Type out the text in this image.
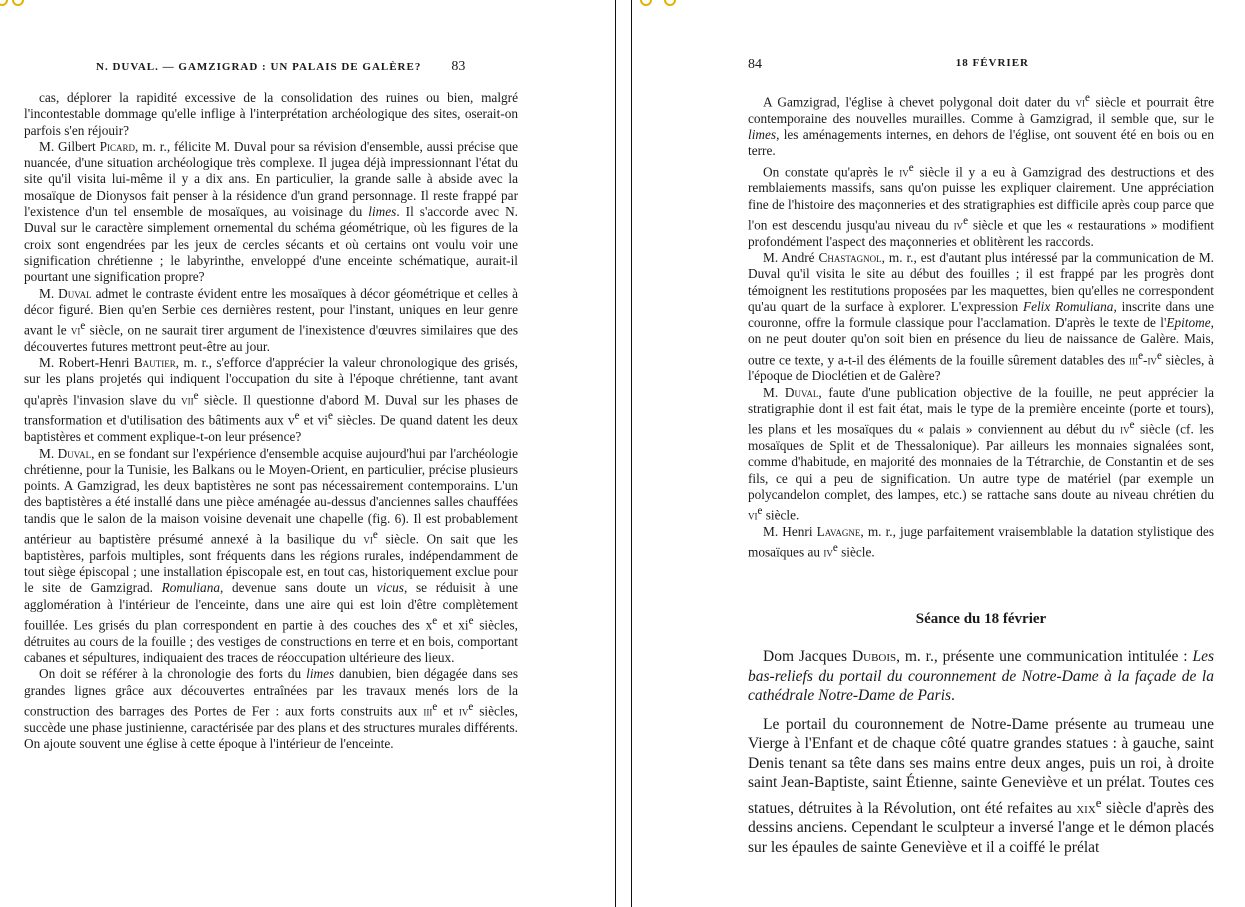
N. DUVAL. — GAMZIGRAD : UN PALAIS DE GALÈRE? 83

cas, déplorer la rapidité excessive de la consolidation des ruines ou bien, malgré l'incontestable dommage qu'elle inflige à l'interprétation archéologique des sites, oserait-on parfois s'en réjouir?

M. Gilbert Picard, m. r., félicite M. Duval pour sa révision d'ensemble, aussi précise que nuancée, d'une situation archéologique très complexe. Il jugea déjà impressionnant l'état du site qu'il visita lui-même il y a dix ans. En particulier, la grande salle à abside avec la mosaïque de Dionysos fait penser à la résidence d'un grand personnage. Il reste frappé par l'existence d'un tel ensemble de mosaïques, au voisinage du limes. Il s'accorde avec N. Duval sur le caractère simplement ornemental du schéma géométrique, où les figures de la croix sont engendrées par les jeux de cercles sécants et où certains ont voulu voir une signification chrétienne ; le labyrinthe, enveloppé d'une enceinte schématique, aurait-il pourtant une signification propre?

M. Duval admet le contraste évident entre les mosaïques à décor géométrique et celles à décor figuré. Bien qu'en Serbie ces dernières restent, pour l'instant, uniques en leur genre avant le $vi^e$ siècle, on ne saurait tirer argument de l'inexistence d'œuvres similaires que des découvertes futures mettront peut-être au jour.

M. Robert-Henri Bautier, m. r., s'efforce d'apprécier la valeur chronologique des grisés, sur les plans projetés qui indiquent l'occupation du site à l'époque chrétienne, tant avant qu'après l'invasion slave du vii$^e$ siècle. Il questionne d'abord M. Duval sur les phases de transformation et d'utilisation des bâtiments aux $v^e$ et $vi^e$ siècles. De quand datent les deux baptistères et comment explique-t-on leur présence?

M. Duval, en se fondant sur l'expérience d'ensemble acquise aujourd'hui par l'archéologie chrétienne, pour la Tunisie, les Balkans ou le Moyen-Orient, en particulier, précise plusieurs points. A Gamzigrad, les deux baptistères ne sont pas nécessairement contemporains. L'un des baptistères a été installé dans une pièce aménagée au-dessus d'anciennes salles chauffées tandis que le salon de la maison voisine devenait une chapelle (fig. 6). Il est probablement antérieur au baptistère présumé annexé à la basilique du $vi^e$ siècle. On sait que les baptistères, parfois multiples, sont fréquents dans les régions rurales, indépendamment de tout siège épiscopal ; une installation épiscopale est, en tout cas, historiquement exclue pour le site de Gamzigrad. Romuliana, devenue sans doute un vicus, se réduisit à une agglomération à l'intérieur de l'enceinte, dans une aire qui est loin d'être complètement fouillée. Les grisés du plan correspondent en partie à des couches des $x^e$ et $xi^e$ siècles, détruites au cours de la fouille ; des vestiges de constructions en terre et en bois, comportant cabanes et sépultures, indiquaient des traces de réoccupation ultérieure des lieux.

On doit se référer à la chronologie des forts du limes danubien, bien dégagée dans ses grandes lignes grâce aux découvertes entraînées par les travaux menés lors de la construction des barrages des Portes de Fer : aux forts construits aux iii$^e$ et $iv^e$ siècles, succède une phase justinienne, caractérisée par des plans et des structures murales différents. On ajoute souvent une église à cette époque à l'intérieur de l'enceinte.

84	18 FÉVRIER

A Gamzigrad, l'église à chevet polygonal doit dater du $vi^e$ siècle et pourrait être contemporaine des nouvelles murailles. Comme à Gamzigrad, il semble que, sur le limes, les aménagements internes, en dehors de l'église, ont souvent été en bois ou en terre.

On constate qu'après le $iv^e$ siècle il y a eu à Gamzigrad des destructions et des remblaiements massifs, sans qu'on puisse les expliquer clairement. Une appréciation fine de l'histoire des maçonneries et des stratigraphies est difficile après coup parce que l'on est descendu jusqu'au niveau du $iv^e$ siècle et que les « restaurations » modifient profondément l'aspect des maçonneries et oblitèrent les raccords.

M. André Chastagnol, m. r., est d'autant plus intéressé par la communication de M. Duval qu'il visita le site au début des fouilles ; il est frappé par les progrès dont témoignent les restitutions proposées par les maquettes, bien qu'elles ne correspondent qu'au quart de la surface à explorer. L'expression Felix Romuliana, inscrite dans une couronne, offre la formule classique pour l'acclamation. D'après le texte de l'Epitome, on ne peut douter qu'on soit bien en présence du lieu de naissance de Galère. Mais, outre ce texte, y a-t-il des éléments de la fouille sûrement datables des $iii^e-iv^e$ siècles, à l'époque de Dioclétien et de Galère?

M. Duval, faute d'une publication objective de la fouille, ne peut apprécier la stratigraphie dont il est fait état, mais le type de la première enceinte (porte et tours), les plans et les mosaïques du « palais » conviennent au début du $iv^e$ siècle (cf. les mosaïques de Split et de Thessalonique). Par ailleurs les monnaies signalées sont, comme d'habitude, en majorité des monnaies de la Tétrarchie, de Constantin et de ses fils, ce qui a peu de signification. Un autre type de matériel (par exemple un polycandelon complet, des lampes, etc.) se rattache sans doute au niveau chrétien du $vi^e$ siècle.

M. Henri Lavagne, m. r., juge parfaitement vraisemblable la datation stylistique des mosaïques au $iv^e$ siècle.

Séance du 18 février

Dom Jacques Dubois, m. r., présente une communication intitulée : Les bas-reliefs du portail du couronnement de Notre-Dame à la façade de la cathédrale Notre-Dame de Paris.

Le portail du couronnement de Notre-Dame présente au trumeau une Vierge à l'Enfant et de chaque côté quatre grandes statues : à gauche, saint Denis tenant sa tête dans ses mains entre deux anges, puis un roi, à droite saint Jean-Baptiste, saint Étienne, sainte Geneviève et un prélat. Toutes ces statues, détruites à la Révolution, ont été refaites au xix$^e$ siècle d'après des dessins anciens. Cependant le sculpteur a inversé l'ange et le démon placés sur les épaules de sainte Geneviève et il a coiffé le prélat
